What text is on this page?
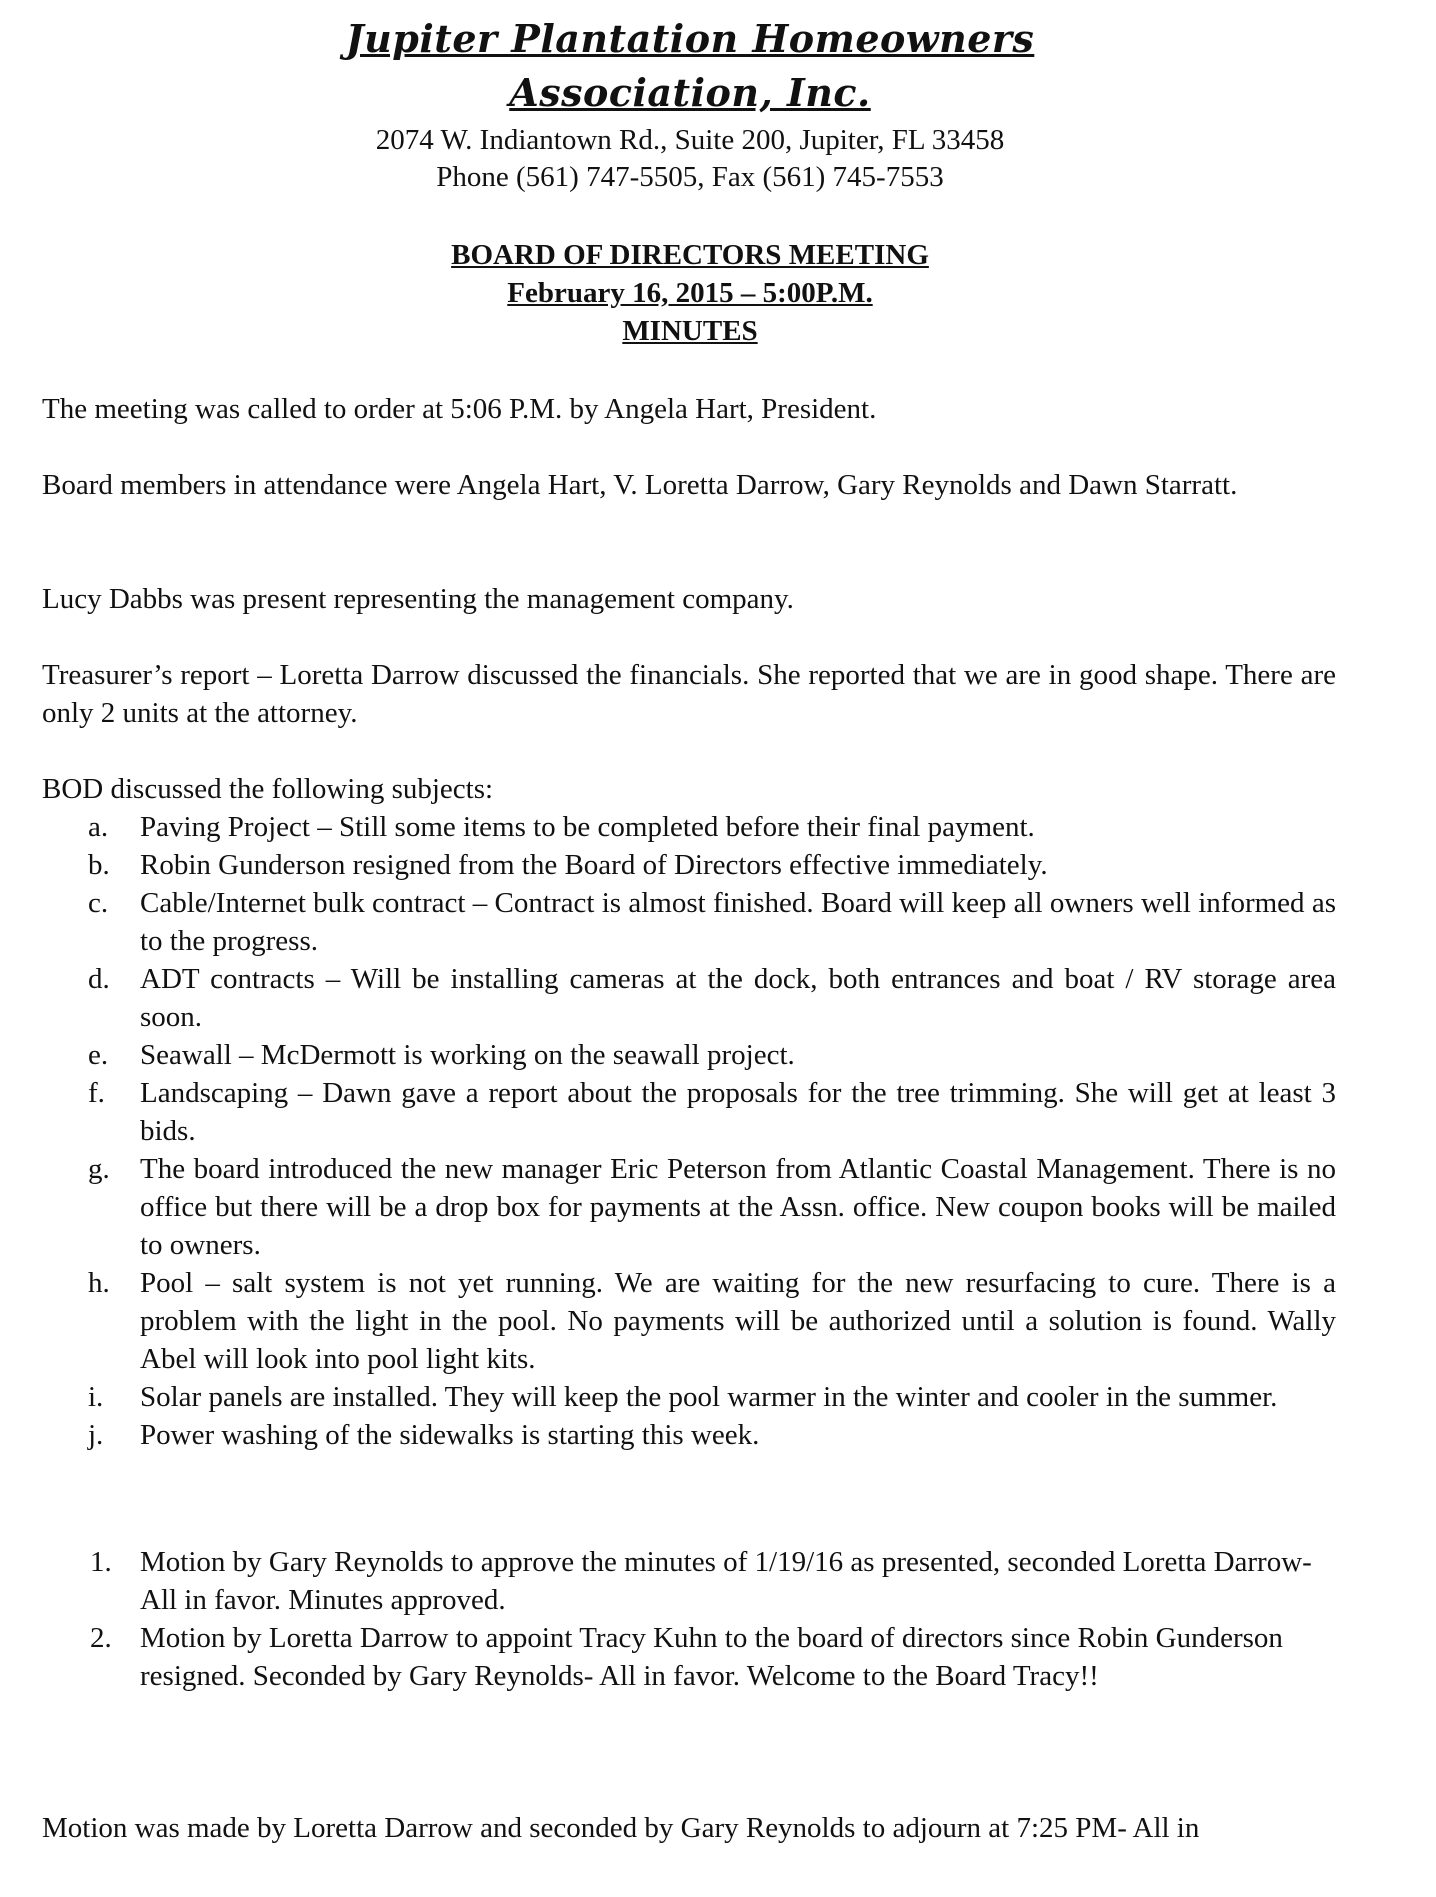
Jupiter Plantation Homeowners
Association, Inc.
2074 W. Indiantown Rd., Suite 200, Jupiter, FL 33458
Phone (561) 747-5505, Fax (561) 745-7553
BOARD OF DIRECTORS MEETING
February 16, 2015 – 5:00P.M.
MINUTES

The meeting was called to order at 5:06 P.M. by Angela Hart, President.

Board members in attendance were Angela Hart, V. Loretta Darrow, Gary Reynolds and Dawn Starratt.

Lucy Dabbs was present representing the management company.

Treasurer’s report – Loretta Darrow discussed the financials. She reported that we are in good shape. There are only 2 units at the attorney.

BOD discussed the following subjects:

a.	Paving Project – Still some items to be completed before their final payment.
b. Robin Gunderson resigned from the Board of Directors effective immediately.
c.	Cable/Internet bulk contract – Contract is almost finished. Board will keep all owners well informed as to the progress.
d. ADT contracts – Will be installing cameras at the dock, both entrances and boat / RV storage area soon.
e.	Seawall – McDermott is working on the seawall project.
f.	Landscaping – Dawn gave a report about the proposals for the tree trimming. She will get at least 3 bids.
g. The board introduced the new manager Eric Peterson from Atlantic Coastal Management. There is no office but there will be a drop box for payments at the Assn. office. New coupon books will be mailed to owners.
h. Pool – salt system is not yet running. We are waiting for the new resurfacing to cure. There is a problem with the light in the pool. No payments will be authorized until a solution is found. Wally Abel will look into pool light kits.
i.	Solar panels are installed. They will keep the pool warmer in the winter and cooler in the summer.
j.	Power washing of the sidewalks is starting this week.
1. Motion by Gary Reynolds to approve the minutes of 1/19/16 as presented, seconded Loretta Darrow- All in favor. Minutes approved.
2. Motion by Loretta Darrow to appoint Tracy Kuhn to the board of directors since Robin Gunderson resigned. Seconded by Gary Reynolds- All in favor. Welcome to the Board Tracy!!

Motion was made by Loretta Darrow and seconded by Gary Reynolds to adjourn at 7:25 PM- All in
